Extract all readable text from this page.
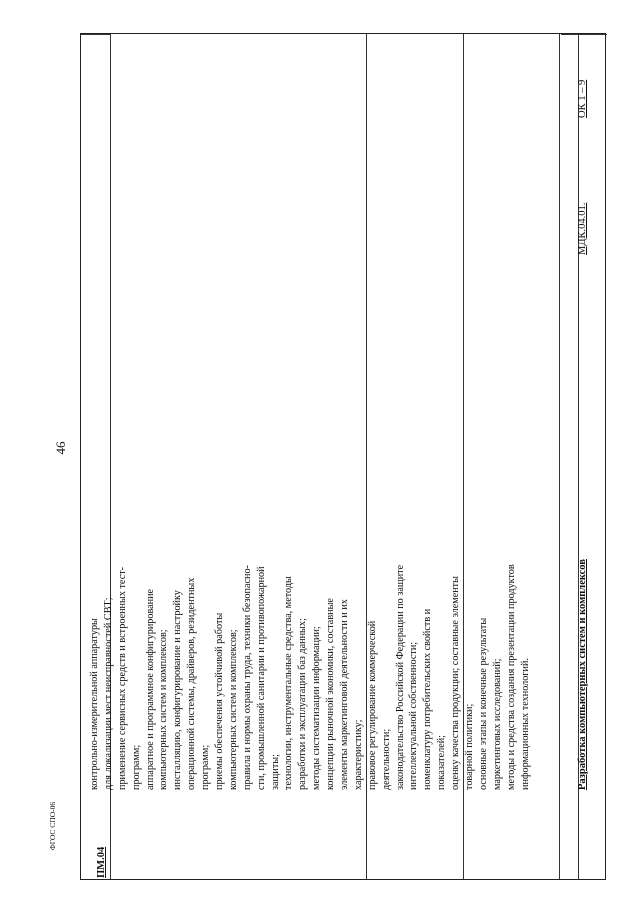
46
ФГОС СПО-06
ПМ.04
контрольно-измерительной аппаратуры для локализации мест неисправностей СВТ; применение сервисных средств и встроенных тест- программ; аппаратное и программное конфигурирование компьютерных систем и комплексов; инсталляцию, конфигурирование и настройку операционной системы, драйверов, резидентных программ; приемы обеспечения устойчивой работы компьютерных систем и комплексов; правила и нормы охраны труда, техники безопасно- сти, промышленной санитарии и противопожарной защиты; технологии, инструментальные средства, методы разработки и эксплуатации баз данных; методы систематизации информации; концепции рыночной экономики, составные элементы маркетинговой деятельности и их характеристику; правовое регулирование коммерческой деятельности; законодательство Российской Федерации по защите интеллектуальной собственности; номенклатуру потребительских свойств и показателей; оценку качества продукции; составные элементы товарной политики; основные этапы и конечные результаты маркетинговых исследований; методы и средства создания презентации продуктов информационных технологий.	Разработка компьютерных систем и комплексов
МДК.04.01.
ОК 1 – 9
